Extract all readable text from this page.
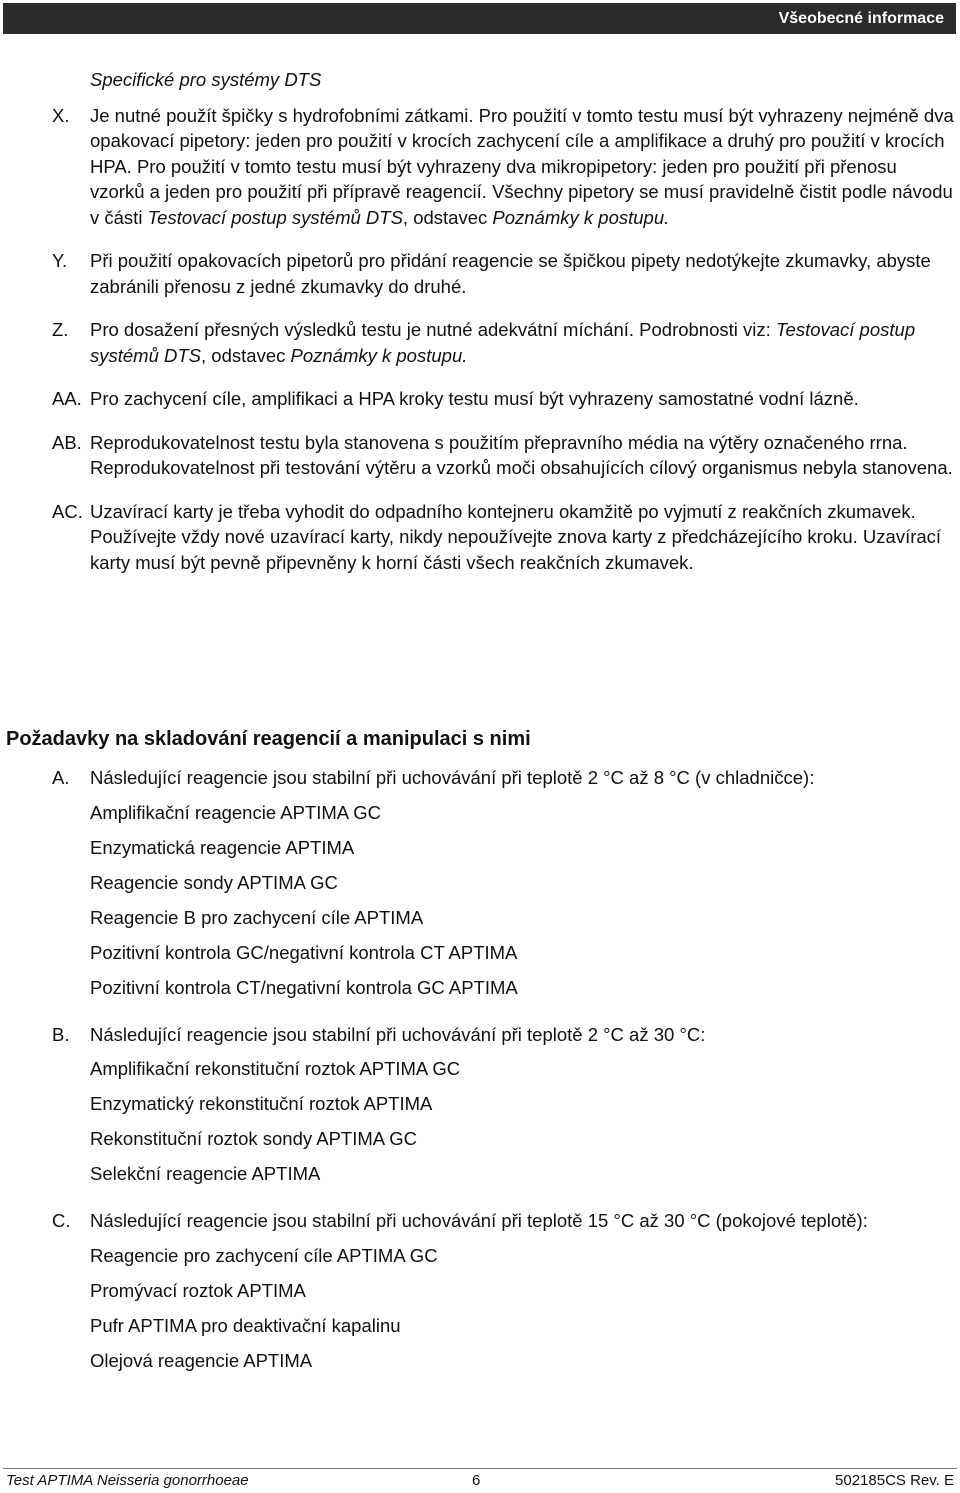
Všeobecné informace
Specifické pro systémy DTS
X.	Je nutné použít špičky s hydrofobními zátkami. Pro použití v tomto testu musí být vyhrazeny nejméně dva opakovací pipetory: jeden pro použití v krocích zachycení cíle a amplifikace a druhý pro použití v krocích HPA. Pro použití v tomto testu musí být vyhrazeny dva mikropipetory: jeden pro použití při přenosu vzorků a jeden pro použití při přípravě reagencií. Všechny pipetory se musí pravidelně čistit podle návodu v části Testovací postup systémů DTS, odstavec Poznámky k postupu.
Y.	Při použití opakovacích pipetorů pro přidání reagencie se špičkou pipety nedotýkejte zkumavky, abyste zabránili přenosu z jedné zkumavky do druhé.
Z.	Pro dosažení přesných výsledků testu je nutné adekvátní míchání. Podrobnosti viz: Testovací postup systémů DTS, odstavec Poznámky k postupu.
AA. Pro zachycení cíle, amplifikaci a HPA kroky testu musí být vyhrazeny samostatné vodní lázně.
AB. Reprodukovatelnost testu byla stanovena s použitím přepravního média na výtěry označeného rrna. Reprodukovatelnost při testování výtěru a vzorků moči obsahujících cílový organismus nebyla stanovena.
AC. Uzavírací karty je třeba vyhodit do odpadního kontejneru okamžitě po vyjmutí z reakčních zkumavek. Používejte vždy nové uzavírací karty, nikdy nepoužívejte znova karty z předcházejícího kroku. Uzavírací karty musí být pevně připevněny k horní části všech reakčních zkumavek.
Požadavky na skladování reagencií a manipulaci s nimi
A.	Následující reagencie jsou stabilní při uchovávání při teplotě 2 °C až 8 °C (v chladničce):
Amplifikační reagencie APTIMA GC
Enzymatická reagencie APTIMA
Reagencie sondy APTIMA GC
Reagencie B pro zachycení cíle APTIMA
Pozitivní kontrola GC/negativní kontrola CT APTIMA
Pozitivní kontrola CT/negativní kontrola GC APTIMA
B.	Následující reagencie jsou stabilní při uchovávání při teplotě 2 °C až 30 °C:
Amplifikační rekonstituční roztok APTIMA GC
Enzymatický rekonstituční roztok APTIMA
Rekonstituční roztok sondy APTIMA GC
Selekční reagencie APTIMA
C.	Následující reagencie jsou stabilní při uchovávání při teplotě 15 °C až 30 °C (pokojové teplotě):
Reagencie pro zachycení cíle APTIMA GC
Promývací roztok APTIMA
Pufr APTIMA pro deaktivační kapalinu
Olejová reagencie APTIMA
Test APTIMA Neisseria gonorrhoeae	6	502185CS Rev. E
